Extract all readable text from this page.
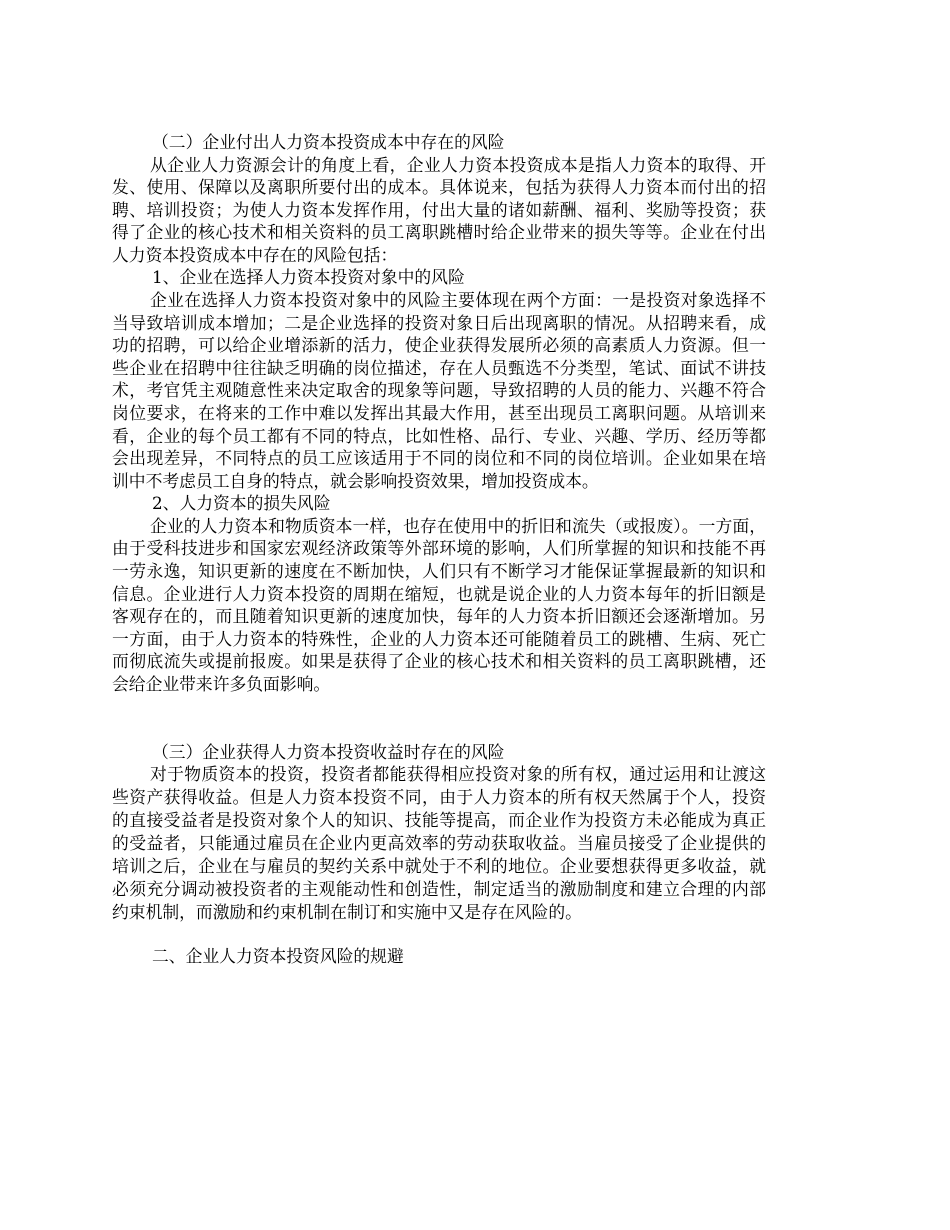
（二）企业付出人力资本投资成本中存在的风险

从企业人力资源会计的角度上看，企业人力资本投资成本是指人力资本的取得、开发、使用、保障以及离职所要付出的成本。具体说来，包括为获得人力资本而付出的招聘、培训投资；为使人力资本发挥作用，付出大量的诸如薪酬、福利、奖励等投资；获得了企业的核心技术和相关资料的员工离职跳槽时给企业带来的损失等等。企业在付出人力资本投资成本中存在的风险包括：

1、企业在选择人力资本投资对象中的风险

企业在选择人力资本投资对象中的风险主要体现在两个方面：一是投资对象选择不当导致培训成本增加；二是企业选择的投资对象日后出现离职的情况。从招聘来看，成功的招聘，可以给企业增添新的活力，使企业获得发展所必须的高素质人力资源。但一些企业在招聘中往往缺乏明确的岗位描述，存在人员甄选不分类型，笔试、面试不讲技术，考官凭主观随意性来决定取舍的现象等问题，导致招聘的人员的能力、兴趣不符合岗位要求，在将来的工作中难以发挥出其最大作用，甚至出现员工离职问题。从培训来看，企业的每个员工都有不同的特点，比如性格、品行、专业、兴趣、学历、经历等都会出现差异，不同特点的员工应该适用于不同的岗位和不同的岗位培训。企业如果在培训中不考虑员工自身的特点，就会影响投资效果，增加投资成本。

2、人力资本的损失风险

企业的人力资本和物质资本一样，也存在使用中的折旧和流失（或报废）。一方面，由于受科技进步和国家宏观经济政策等外部环境的影响，人们所掌握的知识和技能不再一劳永逸，知识更新的速度在不断加快，人们只有不断学习才能保证掌握最新的知识和信息。企业进行人力资本投资的周期在缩短，也就是说企业的人力资本每年的折旧额是客观存在的，而且随着知识更新的速度加快，每年的人力资本折旧额还会逐渐增加。另一方面，由于人力资本的特殊性，企业的人力资本还可能随着员工的跳槽、生病、死亡而彻底流失或提前报废。如果是获得了企业的核心技术和相关资料的员工离职跳槽，还会给企业带来许多负面影响。

（三）企业获得人力资本投资收益时存在的风险

对于物质资本的投资，投资者都能获得相应投资对象的所有权，通过运用和让渡这些资产获得收益。但是人力资本投资不同，由于人力资本的所有权天然属于个人，投资的直接受益者是投资对象个人的知识、技能等提高，而企业作为投资方未必能成为真正的受益者，只能通过雇员在企业内更高效率的劳动获取收益。当雇员接受了企业提供的培训之后，企业在与雇员的契约关系中就处于不利的地位。企业要想获得更多收益，就必须充分调动被投资者的主观能动性和创造性，制定适当的激励制度和建立合理的内部约束机制，而激励和约束机制在制订和实施中又是存在风险的。

二、企业人力资本投资风险的规避
